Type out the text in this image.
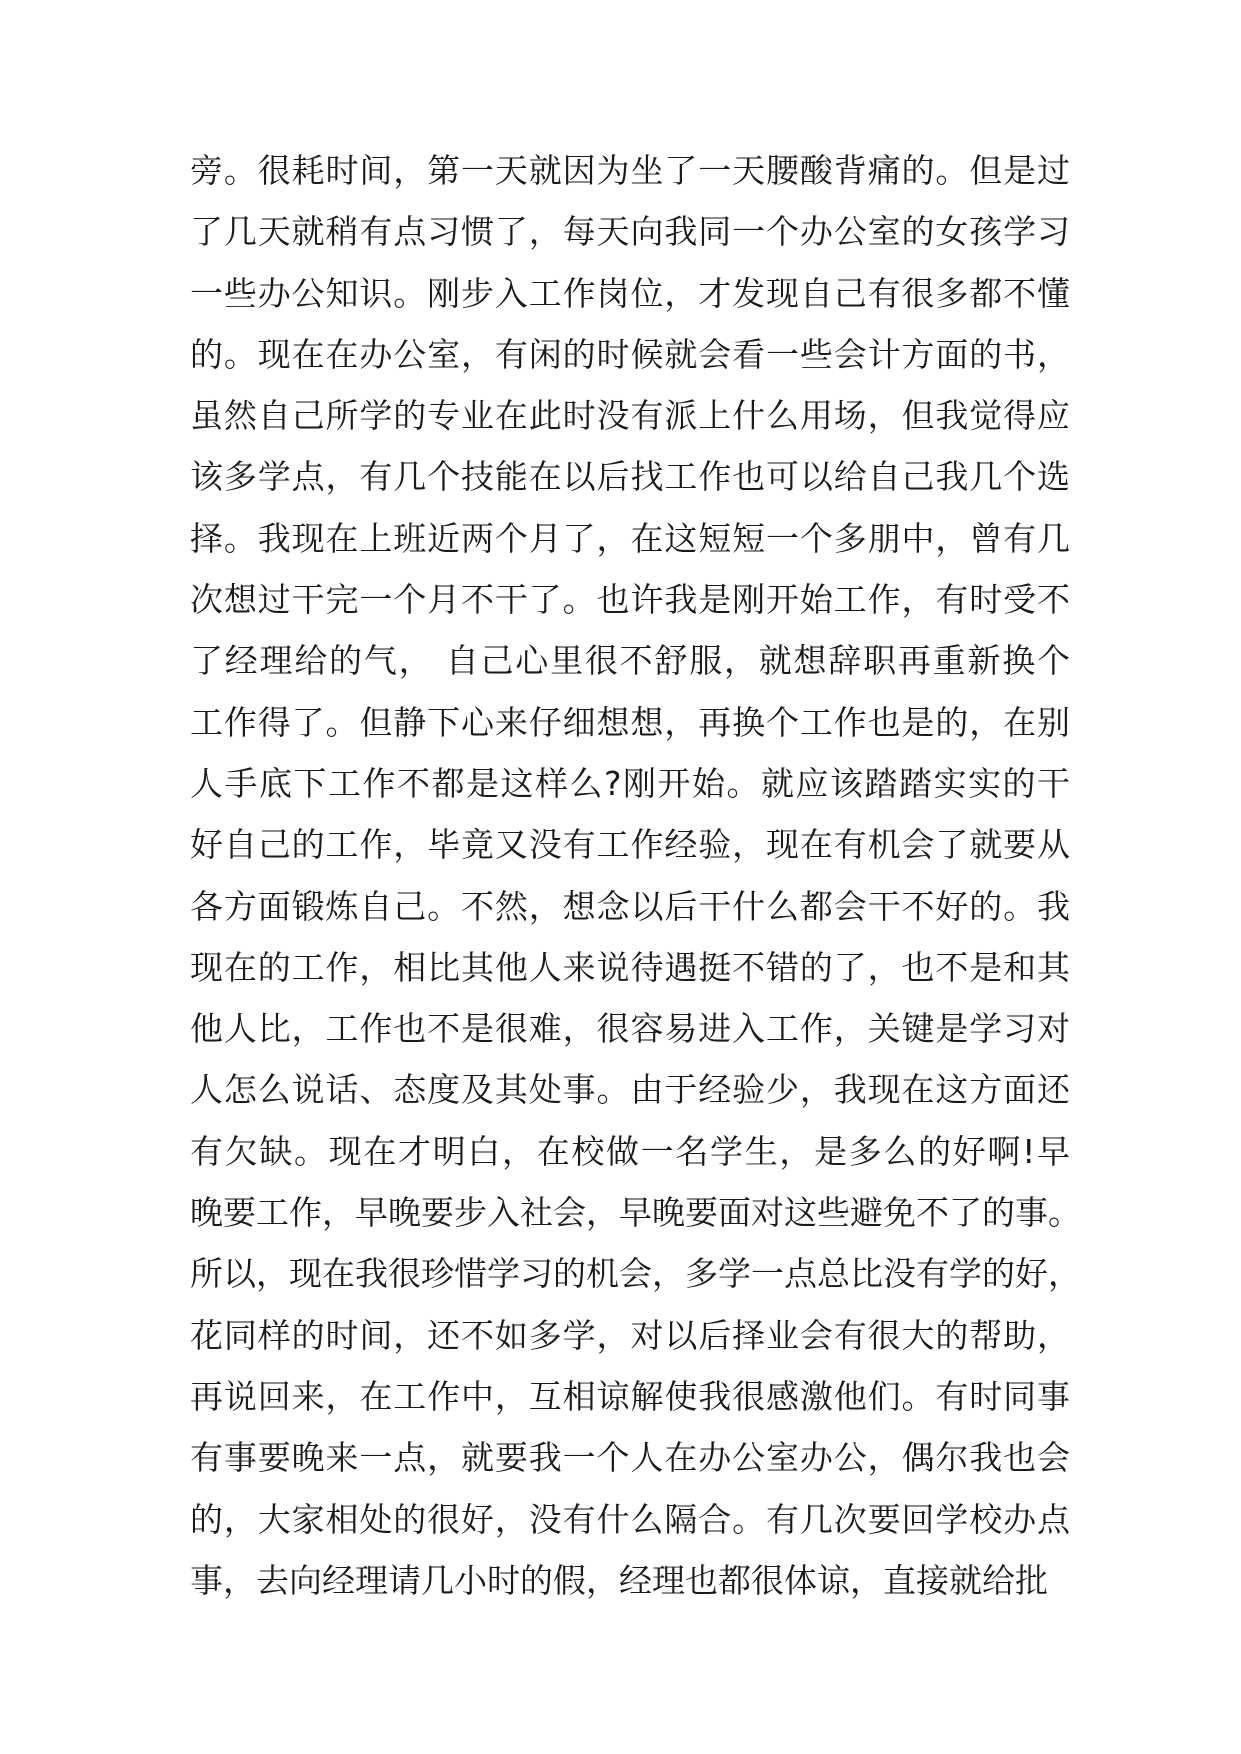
旁。很耗时间，第一天就因为坐了一天腰酸背痛的。但是过
了几天就稍有点习惯了，每天向我同一个办公室的女孩学习
一些办公知识。刚步入工作岗位，才发现自己有很多都不懂
的。现在在办公室，有闲的时候就会看一些会计方面的书，
虽然自己所学的专业在此时没有派上什么用场，但我觉得应
该多学点，有几个技能在以后找工作也可以给自己我几个选
择。我现在上班近两个月了，在这短短一个多朋中，曾有几
次想过干完一个月不干了。也许我是刚开始工作，有时受不
了经理给的气， 自己心里很不舒服，就想辞职再重新换个
工作得了。但静下心来仔细想想，再换个工作也是的，在别
人手底下工作不都是这样么?刚开始。就应该踏踏实实的干
好自己的工作，毕竟又没有工作经验，现在有机会了就要从
各方面锻炼自己。不然，想念以后干什么都会干不好的。我
现在的工作，相比其他人来说待遇挺不错的了，也不是和其
他人比，工作也不是很难，很容易进入工作，关键是学习对
人怎么说话、态度及其处事。由于经验少，我现在这方面还
有欠缺。现在才明白，在校做一名学生，是多么的好啊!早
晚要工作，早晚要步入社会，早晚要面对这些避免不了的事。
所以，现在我很珍惜学习的机会，多学一点总比没有学的好，
花同样的时间，还不如多学，对以后择业会有很大的帮助，
再说回来，在工作中，互相谅解使我很感激他们。有时同事
有事要晚来一点，就要我一个人在办公室办公，偶尔我也会
的，大家相处的很好，没有什么隔合。有几次要回学校办点
事，去向经理请几小时的假，经理也都很体谅，直接就给批
